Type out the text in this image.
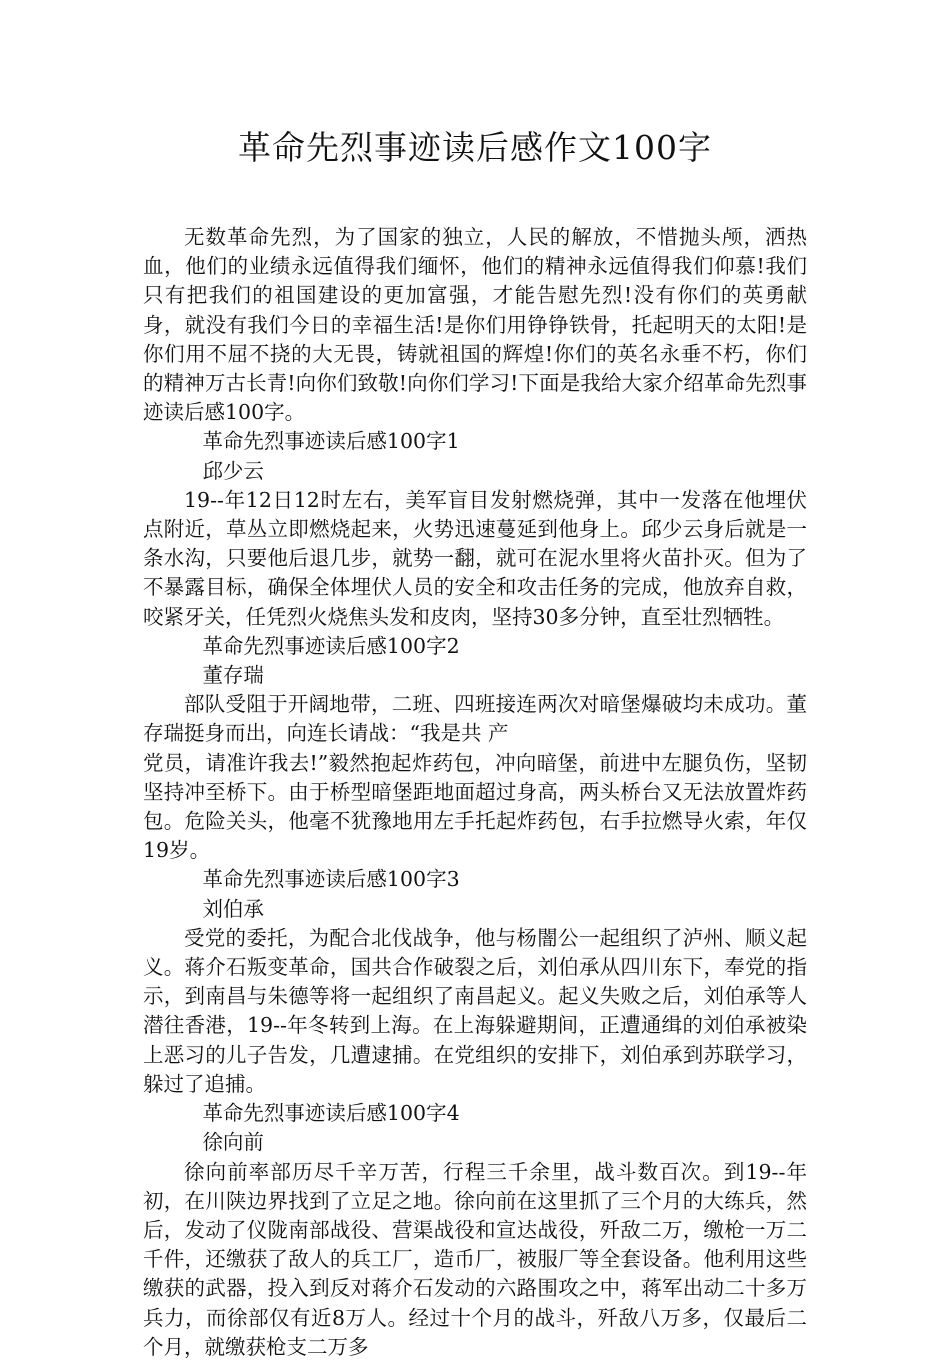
革命先烈事迹读后感作文100字

无数革命先烈，为了国家的独立，人民的解放，不惜抛头颅，洒热血，他们的业绩永远值得我们缅怀，他们的精神永远值得我们仰慕!我们只有把我们的祖国建设的更加富强，才能告慰先烈!没有你们的英勇献身，就没有我们今日的幸福生活!是你们用铮铮铁骨，托起明天的太阳!是你们用不屈不挠的大无畏，铸就祖国的辉煌!你们的英名永垂不朽，你们的精神万古长青!向你们致敬!向你们学习!下面是我给大家介绍革命先烈事迹读后感100字。

革命先烈事迹读后感100字1

邱少云

19--年12日12时左右，美军盲目发射燃烧弹，其中一发落在他埋伏点附近，草丛立即燃烧起来，火势迅速蔓延到他身上。邱少云身后就是一条水沟，只要他后退几步，就势一翻，就可在泥水里将火苗扑灭。但为了不暴露目标，确保全体埋伏人员的安全和攻击任务的完成，他放弃自救，咬紧牙关，任凭烈火烧焦头发和皮肉，坚持30多分钟，直至壮烈牺牲。

革命先烈事迹读后感100字2

董存瑞

部队受阻于开阔地带，二班、四班接连两次对暗堡爆破均未成功。董存瑞挺身而出，向连长请战：“我是共 产

党员，请准许我去!”毅然抱起炸药包，冲向暗堡，前进中左腿负伤，坚韧坚持冲至桥下。由于桥型暗堡距地面超过身高，两头桥台又无法放置炸药包。危险关头，他毫不犹豫地用左手托起炸药包，右手拉燃导火索，年仅19岁。

革命先烈事迹读后感100字3

刘伯承

受党的委托，为配合北伐战争，他与杨闇公一起组织了泸州、顺义起义。蒋介石叛变革命，国共合作破裂之后，刘伯承从四川东下，奉党的指示，到南昌与朱德等将一起组织了南昌起义。起义失败之后，刘伯承等人潜往香港，19--年冬转到上海。在上海躲避期间，正遭通缉的刘伯承被染上恶习的儿子告发，几遭逮捕。在党组织的安排下，刘伯承到苏联学习，躲过了追捕。

革命先烈事迹读后感100字4

徐向前

徐向前率部历尽千辛万苦，行程三千余里，战斗数百次。到19--年初，在川陕边界找到了立足之地。徐向前在这里抓了三个月的大练兵，然后，发动了仪陇南部战役、营渠战役和宣达战役，歼敌二万，缴枪一万二千件，还缴获了敌人的兵工厂，造币厂，被服厂等全套设备。他利用这些缴获的武器，投入到反对蒋介石发动的六路围攻之中，蒋军出动二十多万兵力，而徐部仅有近8万人。经过十个月的战斗，歼敌八万多，仅最后二个月，就缴获枪支二万多
